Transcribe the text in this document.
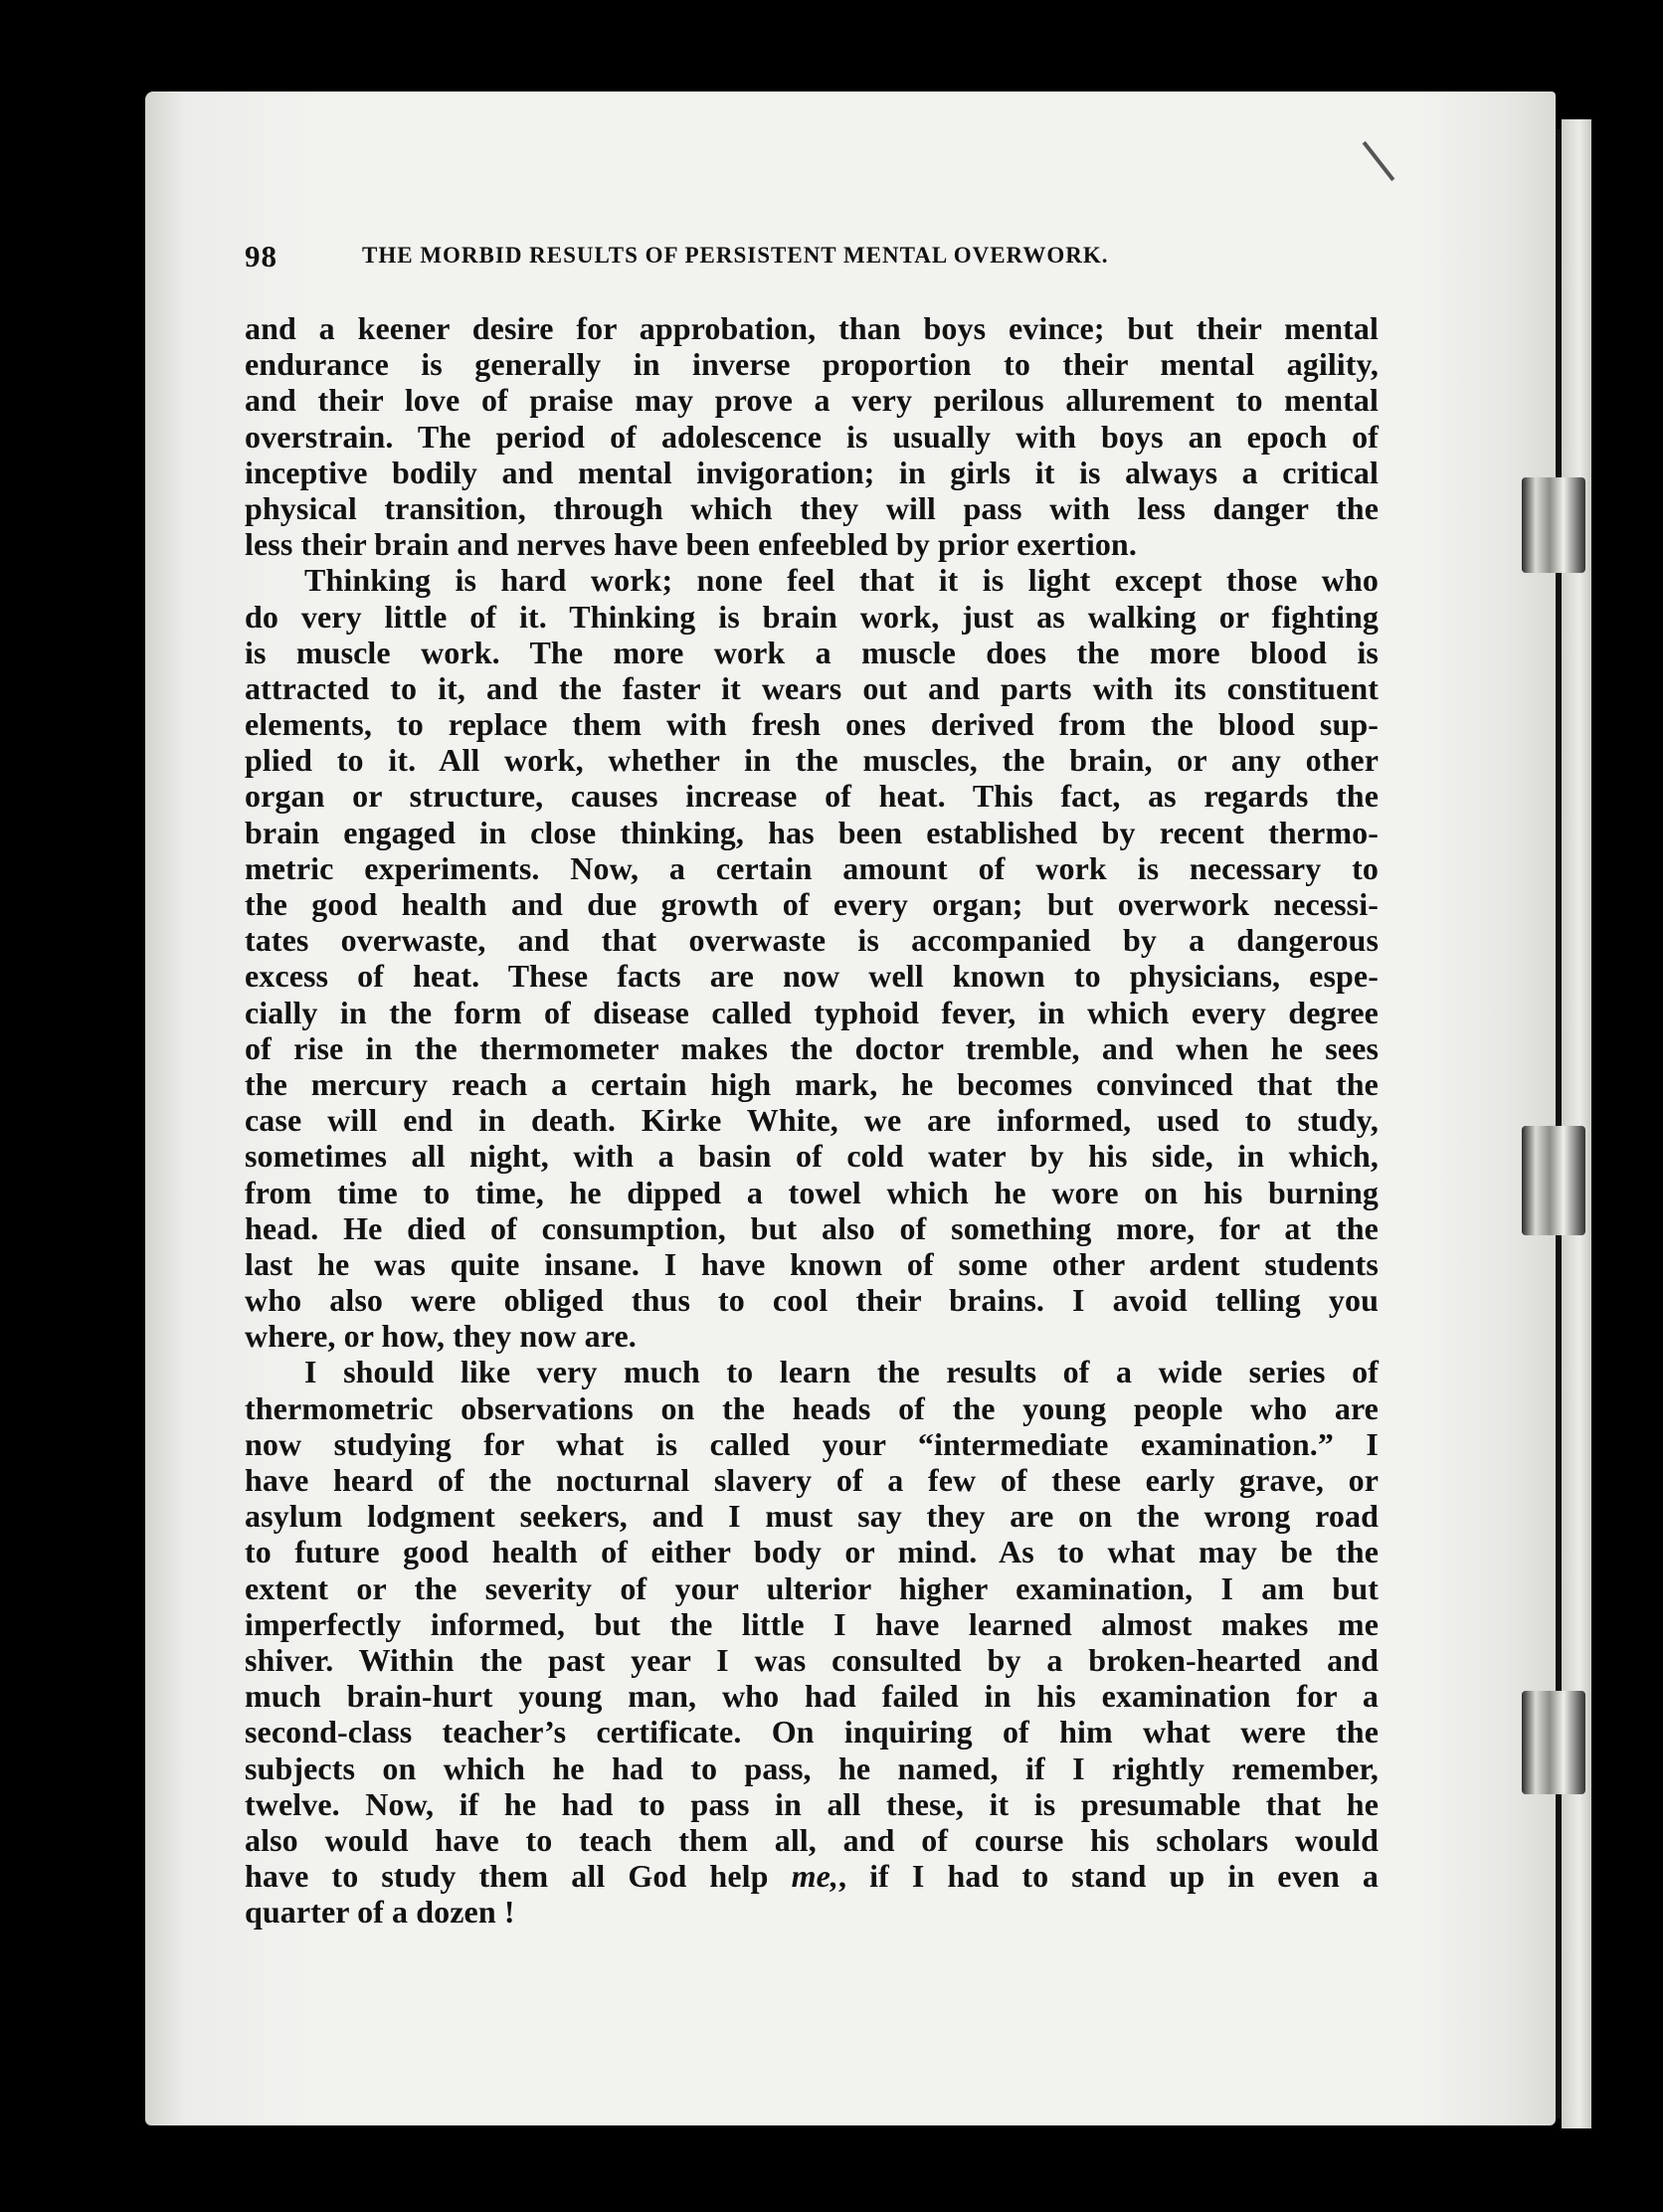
98	THE MORBID RESULTS OF PERSISTENT MENTAL OVERWORK.
and a keener desire for approbation, than boys evince; but their mental
endurance is generally in inverse proportion to their mental agility,
and their love of praise may prove a very perilous allurement to mental
overstrain. The period of adolescence is usually with boys an epoch of
inceptive bodily and mental invigoration; in girls it is always a critical
physical transition, through which they will pass with less danger the
less their brain and nerves have been enfeebled by prior exertion.
Thinking is hard work; none feel that it is light except those who
do very little of it. Thinking is brain work, just as walking or fighting
is muscle work. The more work a muscle does the more blood is
attracted to it, and the faster it wears out and parts with its constituent
elements, to replace them with fresh ones derived from the blood sup-
plied to it. All work, whether in the muscles, the brain, or any other
organ or structure, causes increase of heat. This fact, as regards the
brain engaged in close thinking, has been established by recent thermo-
metric experiments. Now, a certain amount of work is necessary to
the good health and due growth of every organ; but overwork necessi-
tates overwaste, and that overwaste is accompanied by a dangerous
excess of heat. These facts are now well known to physicians, espe-
cially in the form of disease called typhoid fever, in which every degree
of rise in the thermometer makes the doctor tremble, and when he sees
the mercury reach a certain high mark, he becomes convinced that the
case will end in death. Kirke White, we are informed, used to study,
sometimes all night, with a basin of cold water by his side, in which,
from time to time, he dipped a towel which he wore on his burning
head. He died of consumption, but also of something more, for at the
last he was quite insane. I have known of some other ardent students
who also were obliged thus to cool their brains. I avoid telling you
where, or how, they now are.
I should like very much to learn the results of a wide series of
thermometric observations on the heads of the young people who are
now studying for what is called your “intermediate examination.” I
have heard of the nocturnal slavery of a few of these early grave, or
asylum lodgment seekers, and I must say they are on the wrong road
to future good health of either body or mind. As to what may be the
extent or the severity of your ulterior higher examination, I am but
imperfectly informed, but the little I have learned almost makes me
shiver. Within the past year I was consulted by a broken-hearted and
much brain-hurt young man, who had failed in his examination for a
second-class teacher’s certificate. On inquiring of him what were the
subjects on which he had to pass, he named, if I rightly remember,
twelve. Now, if he had to pass in all these, it is presumable that he
also would have to teach them all, and of course his scholars would
have to study them all God help me,, if I had to stand up in even a
quarter of a dozen !
